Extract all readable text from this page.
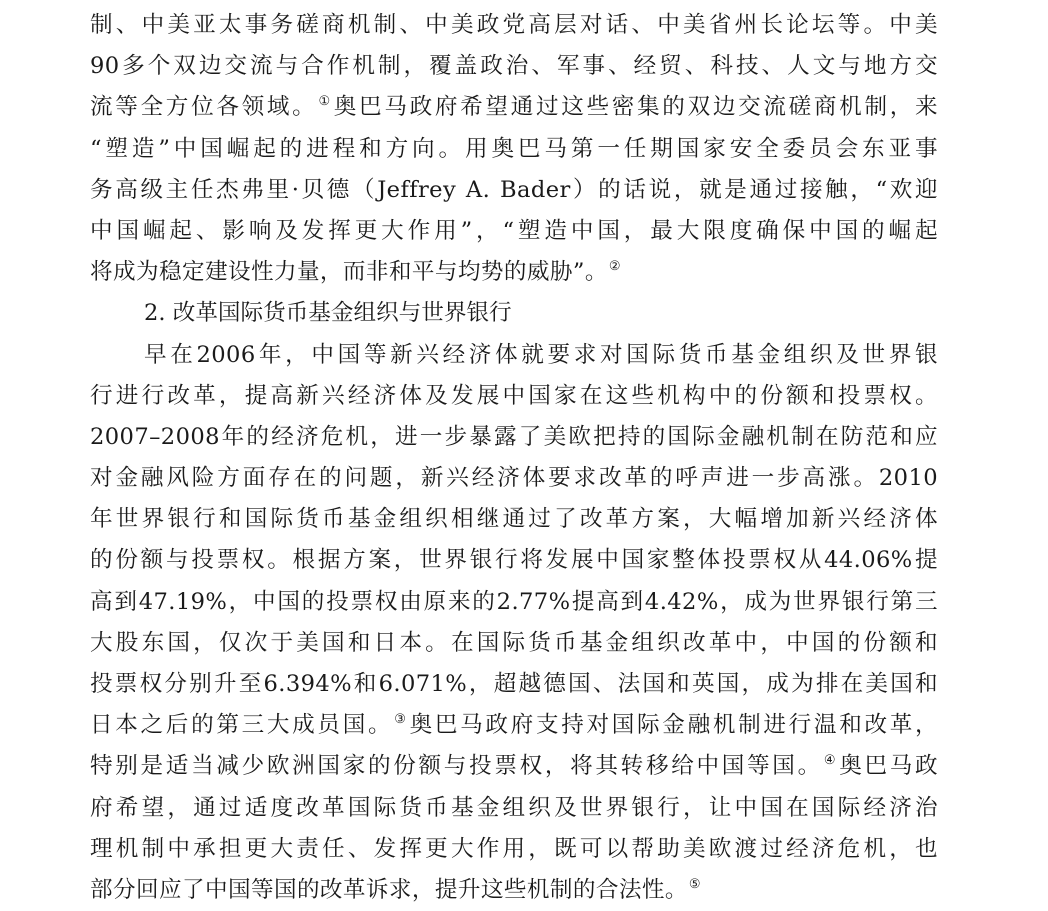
制、中美亚太事务磋商机制、中美政党高层对话、中美省州长论坛等。中美
90多个双边交流与合作机制，覆盖政治、军事、经贸、科技、人文与地方交
流等全方位各领域。①奥巴马政府希望通过这些密集的双边交流磋商机制，来
“塑造”中国崛起的进程和方向。用奥巴马第一任期国家安全委员会东亚事
务高级主任杰弗里·贝德（Jeffrey A. Bader）的话说，就是通过接触，“欢迎
中国崛起、影响及发挥更大作用”，“塑造中国，最大限度确保中国的崛起
将成为稳定建设性力量，而非和平与均势的威胁”。②
2. 改革国际货币基金组织与世界银行
早在2006年，中国等新兴经济体就要求对国际货币基金组织及世界银
行进行改革，提高新兴经济体及发展中国家在这些机构中的份额和投票权。
2007–2008年的经济危机，进一步暴露了美欧把持的国际金融机制在防范和应
对金融风险方面存在的问题，新兴经济体要求改革的呼声进一步高涨。2010
年世界银行和国际货币基金组织相继通过了改革方案，大幅增加新兴经济体
的份额与投票权。根据方案，世界银行将发展中国家整体投票权从44.06%提
高到47.19%，中国的投票权由原来的2.77%提高到4.42%，成为世界银行第三
大股东国，仅次于美国和日本。在国际货币基金组织改革中，中国的份额和
投票权分别升至6.394%和6.071%，超越德国、法国和英国，成为排在美国和
日本之后的第三大成员国。③奥巴马政府支持对国际金融机制进行温和改革，
特别是适当减少欧洲国家的份额与投票权，将其转移给中国等国。④奥巴马政
府希望，通过适度改革国际货币基金组织及世界银行，让中国在国际经济治
理机制中承担更大责任、发挥更大作用，既可以帮助美欧渡过经济危机，也
部分回应了中国等国的改革诉求，提升这些机制的合法性。⑤
